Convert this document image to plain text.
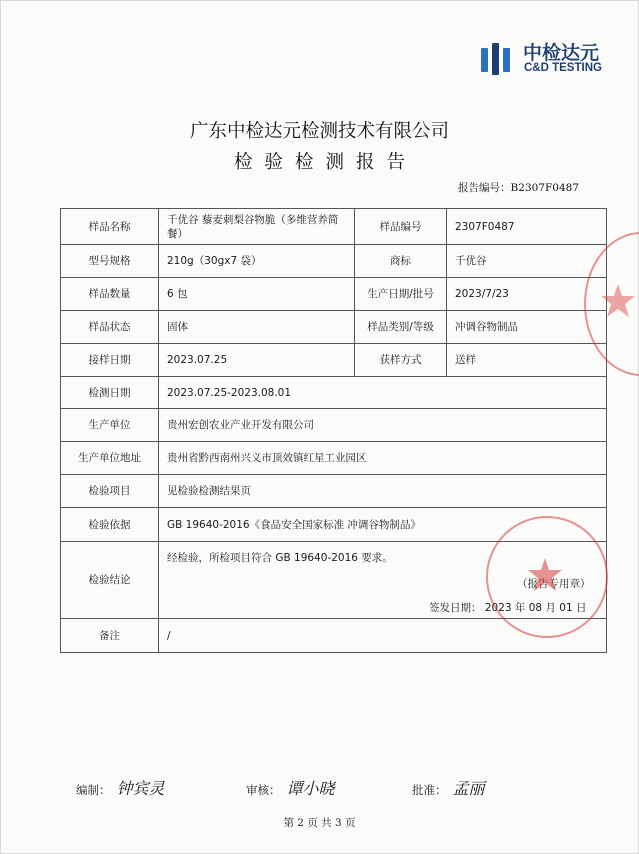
中检达元
C&D TESTING
广东中检达元检测技术有限公司
检验检测报告
报告编号：B2307F0487
样品名称	千优谷 藜麦刺梨谷物脆（多维营养简餐）	样品编号	2307F0487
型号规格	210g（30gx7 袋）	商标	千优谷
样品数量	6 包	生产日期/批号	2023/7/23
样品状态	固体	样品类别/等级	冲调谷物制品
接样日期	2023.07.25	获样方式	送样
检测日期	2023.07.25-2023.08.01		
生产单位	贵州宏创农业产业开发有限公司		
生产单位地址	贵州省黔西南州兴义市顶效镇红星工业园区		
检验项目	见检验检测结果页		
检验依据	GB 19640-2016《食品安全国家标准 冲调谷物制品》		
检验结论	经检验，所检项目符合 GB 19640-2016 要求。
（报告专用章）
签发日期： 2023 年 08 月 01 日		

备注	/		
编制： 钟宾灵	审核： 谭小晓	批准： 孟丽
第 2 页 共 3 页
